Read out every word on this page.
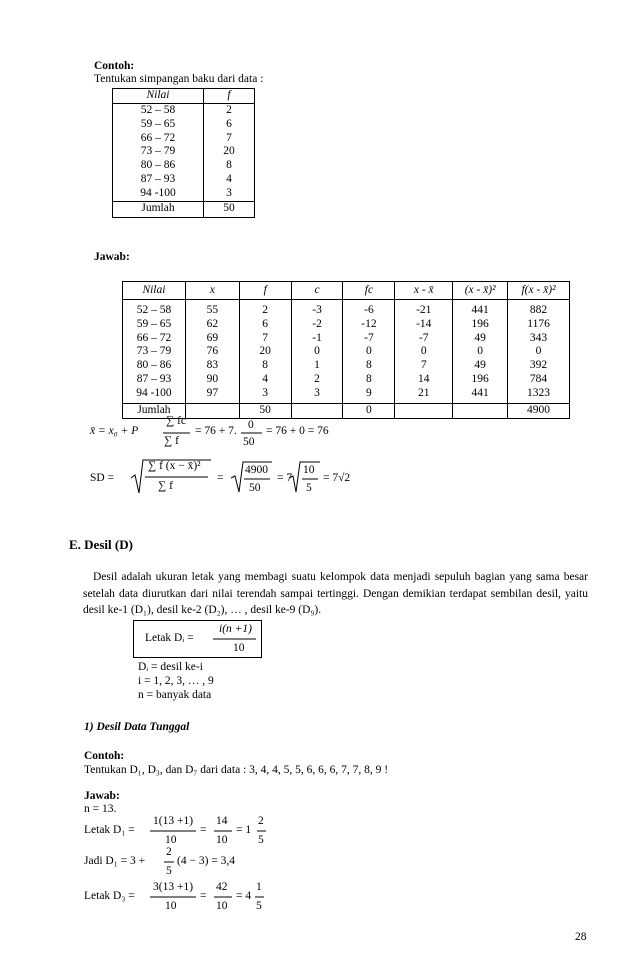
Contoh:
Tentukan simpangan baku dari data :
Nilai	f
52 – 58	2
59 – 65	6
66 – 72	7
73 – 79	20
80 – 86	8
87 – 93	4
94 -100	3
Jumlah	50
Jawab:
Nilai	x	f	c	fc	x - x̄	(x - x̄)²	f(x - x̄)²
52 – 58	55	2	-3	-6	-21	441	882
59 – 65	62	6	-2	-12	-14	196	1176
66 – 72	69	7	-1	-7	-7	49	343
73 – 79	76	20	0	0	0	0	0
80 – 86	83	8	1	8	7	49	392
87 – 93	90	4	2	8	14	196	784
94 -100	97	3	3	9	21	441	1323
Jumlah		50		0			4900
x̄ = x₀ + P
∑ fc
∑ f
= 76 + 7. 0
50
= 76 + 0 = 76
SD =
∑ f (x − x̄)²
∑ f
=
4900
50
= 7
10
5
= 7√2
E. Desil (D)
Desil adalah ukuran letak yang membagi suatu kelompok data menjadi sepuluh bagian yang sama besar setelah data diurutkan dari nilai terendah sampai tertinggi. Dengan demikian terdapat sembilan desil, yaitu desil ke-1 (D₁), desil ke-2 (D₂), … , desil ke-9 (D₉).
Letak Dᵢ =
i(n +1)
10
Dᵢ = desil ke-i
i = 1, 2, 3, … , 9
n = banyak data
1) Desil Data Tunggal
Contoh:
Tentukan D₁, D₃, dan D₇ dari data : 3, 4, 4, 5, 5, 6, 6, 6, 7, 7, 8, 9 !
Jawab:
n = 13.
Letak D₁ =
1(13 +1)
10
=
14
10
= 1
2
5
Jadi D₁ = 3 +
2
5
(4 − 3) = 3,4
Letak D₃ =
3(13 +1)
10
=
42
10
= 4
1
5
28
